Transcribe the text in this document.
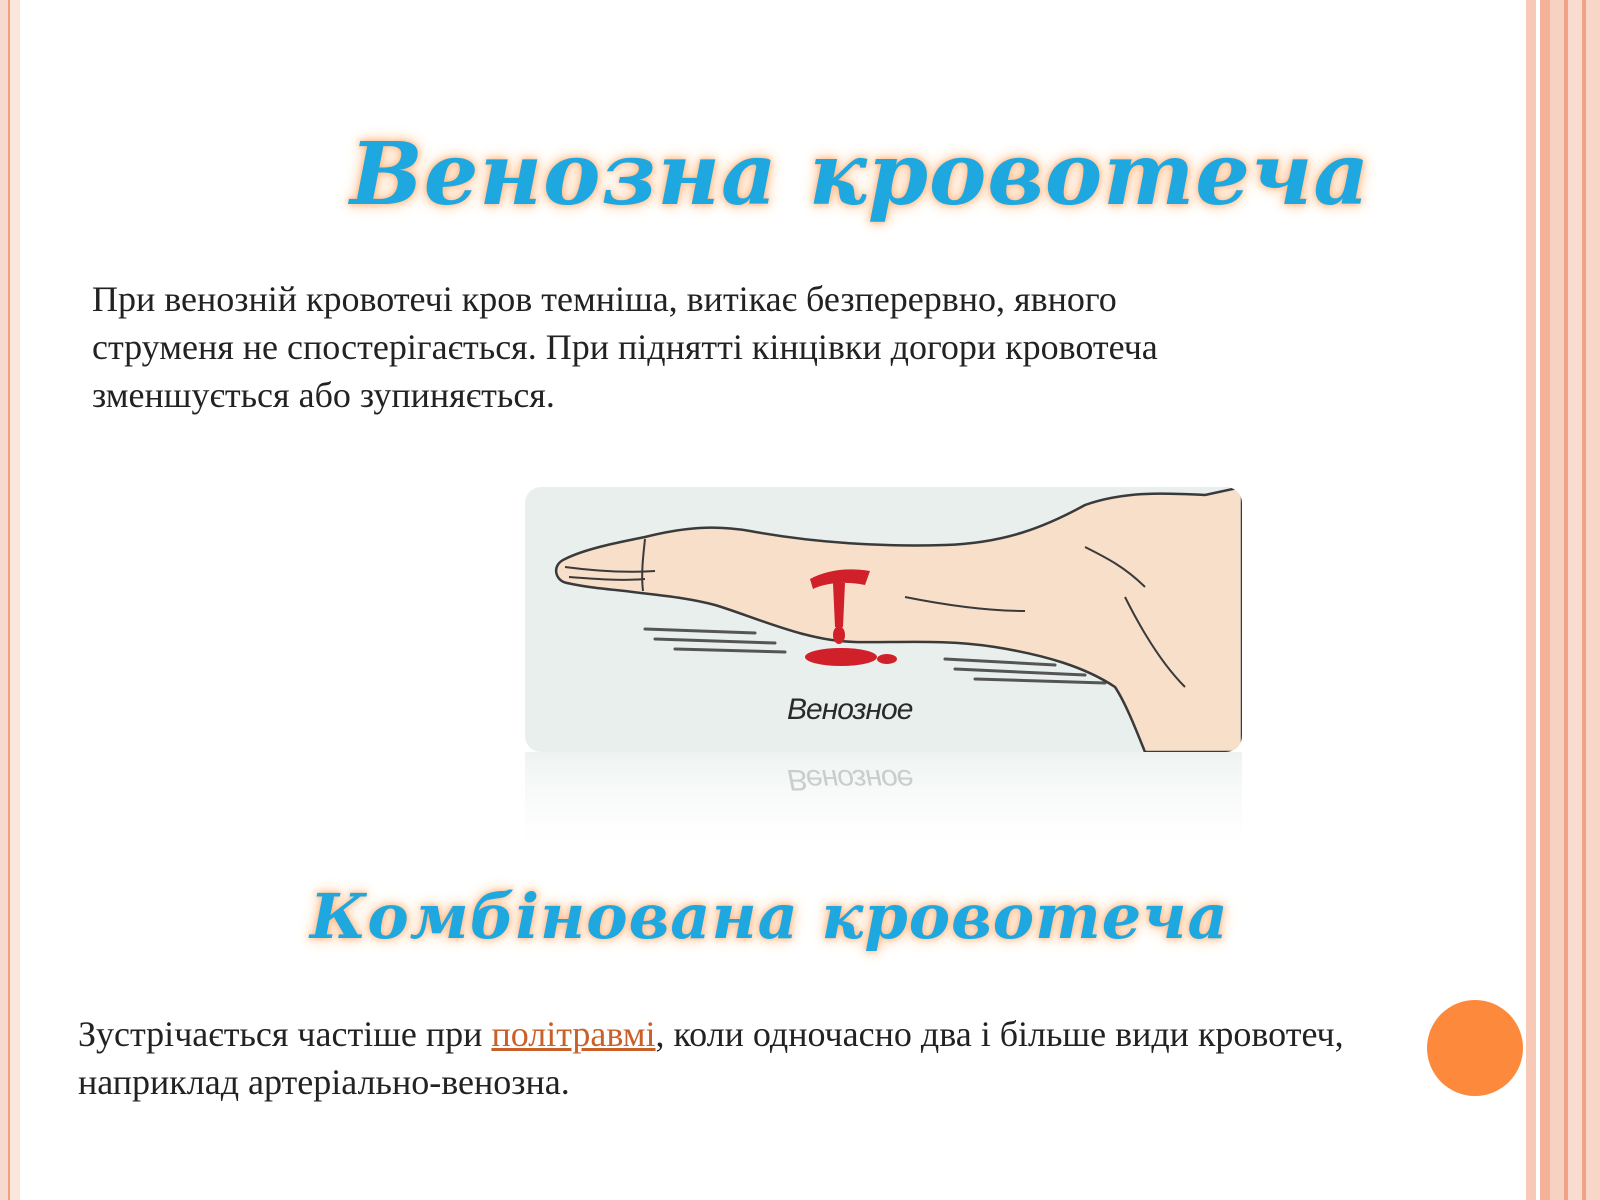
Венозна кровотеча

При венозній кровотечі кров темніша, витікає безперервно, явного струменя не спостерігається. При піднятті кінцівки догори кровотеча зменшується або зупиняється.

Венозное

Венозное

Комбінована кровотеча

Зустрічається частіше при політравмі, коли одночасно два і більше види кровотеч, наприклад артеріально-венозна.
